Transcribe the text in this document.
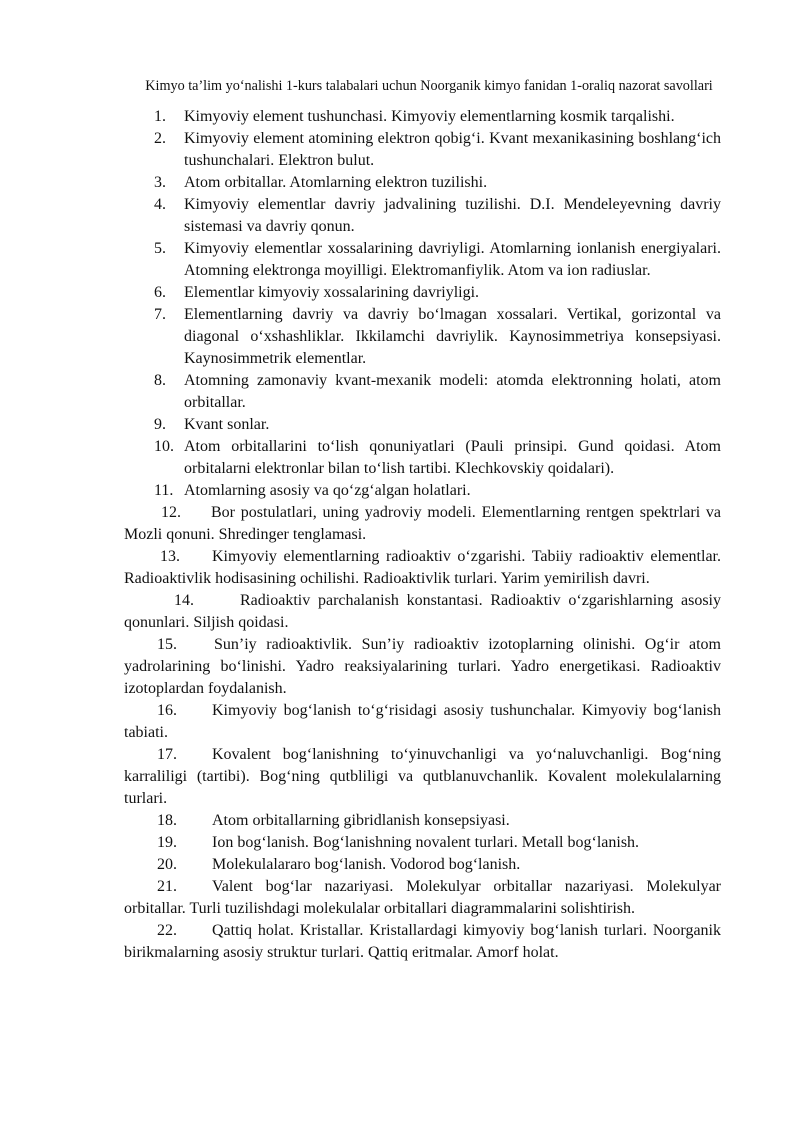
Kimyo ta’lim yo‘nalishi 1-kurs talabalari uchun Noorganik kimyo fanidan 1-oraliq nazorat savollari
1.	Kimyoviy element tushunchasi. Kimyoviy elementlarning kosmik tarqalishi.
2.	Kimyoviy element atomining elektron qobig‘i. Kvant mexanikasining boshlang‘ich tushunchalari. Elektron bulut.
3.	Atom orbitallar. Atomlarning elektron tuzilishi.
4.	Kimyoviy elementlar davriy jadvalining tuzilishi. D.I. Mendeleyevning davriy sistemasi va davriy qonun.
5.	Kimyoviy elementlar xossalarining davriyligi. Atomlarning ionlanish energiyalari. Atomning elektronga moyilligi. Elektromanfiylik. Atom va ion radiuslar.
6.	Elementlar kimyoviy xossalarining davriyligi.
7.	Elementlarning davriy va davriy bo‘lmagan xossalari. Vertikal, gorizontal va diagonal o‘xshashliklar. Ikkilamchi davriylik. Kaynosimmetriya konsepsiyasi. Kaynosimmetrik elementlar.
8.	Atomning zamonaviy kvant-mexanik modeli: atomda elektronning holati, atom orbitallar.
9.	Kvant sonlar.
10. Atom orbitallarini to‘lish qonuniyatlari (Pauli prinsipi. Gund qoidasi. Atom orbitalarni elektronlar bilan to‘lish tartibi. Klechkovskiy qoidalari).
11. Atomlarning asosiy va qo‘zg‘algan holatlari.
12. Bor postulatlari, uning yadroviy modeli. Elementlarning rentgen spektrlari va Mozli qonuni. Shredinger tenglamasi.
13. Kimyoviy elementlarning radioaktiv o‘zgarishi. Tabiiy radioaktiv elementlar. Radioaktivlik hodisasining ochilishi. Radioaktivlik turlari. Yarim yemirilish davri.
14.	Radioaktiv parchalanish konstantasi. Radioaktiv o‘zgarishlarning asosiy qonunlari. Siljish qoidasi.
15. Sun’iy radioaktivlik. Sun’iy radioaktiv izotoplarning olinishi. Og‘ir atom yadrolarining bo‘linishi. Yadro reaksiyalarining turlari. Yadro energetikasi. Radioaktiv izotoplardan foydalanish.
16. Kimyoviy bog‘lanish to‘g‘risidagi asosiy tushunchalar. Kimyoviy bog‘lanish tabiati.
17. Kovalent bog‘lanishning to‘yinuvchanligi va yo‘naluvchanligi. Bog‘ning karraliligi (tartibi). Bog‘ning qutbliligi va qutblanuvchanlik. Kovalent molekulalarning turlari.
18. Atom orbitallarning gibridlanish konsepsiyasi.
19. Ion bog‘lanish. Bog‘lanishning novalent turlari. Metall bog‘lanish.
20. Molekulalararo bog‘lanish. Vodorod bog‘lanish.
21. Valent bog‘lar nazariyasi. Molekulyar orbitallar nazariyasi. Molekulyar orbitallar. Turli tuzilishdagi molekulalar orbitallari diagrammalarini solishtirish.
22. Qattiq holat. Kristallar. Kristallardagi kimyoviy bog‘lanish turlari. Noorganik birikmalarning asosiy struktur turlari. Qattiq eritmalar. Amorf holat.
